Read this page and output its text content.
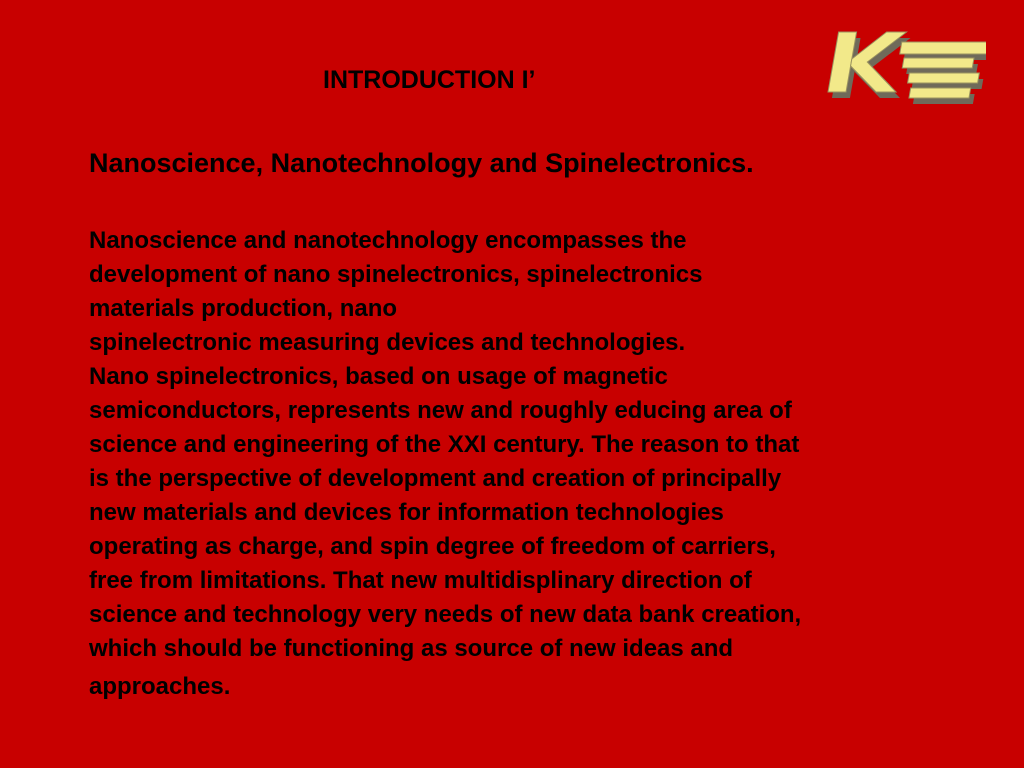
INTRODUCTION I’
Nanoscience, Nanotechnology and Spinelectronics.
Nanoscience and nanotechnology encompasses the
development of nano spinelectronics, spinelectronics
materials production, nano
spinelectronic measuring devices and technologies.
Nano spinelectronics, based on usage of magnetic
semiconductors, represents new and roughly educing area of
science and engineering of the XXI century. The reason to that
is the perspective of development and creation of principally
new materials and devices for information technologies
operating as charge, and spin degree of freedom of carriers,
free from limitations. That new multidisplinary direction of
science and technology very needs of new data bank creation,
which should be functioning as source of new ideas and
approaches.
